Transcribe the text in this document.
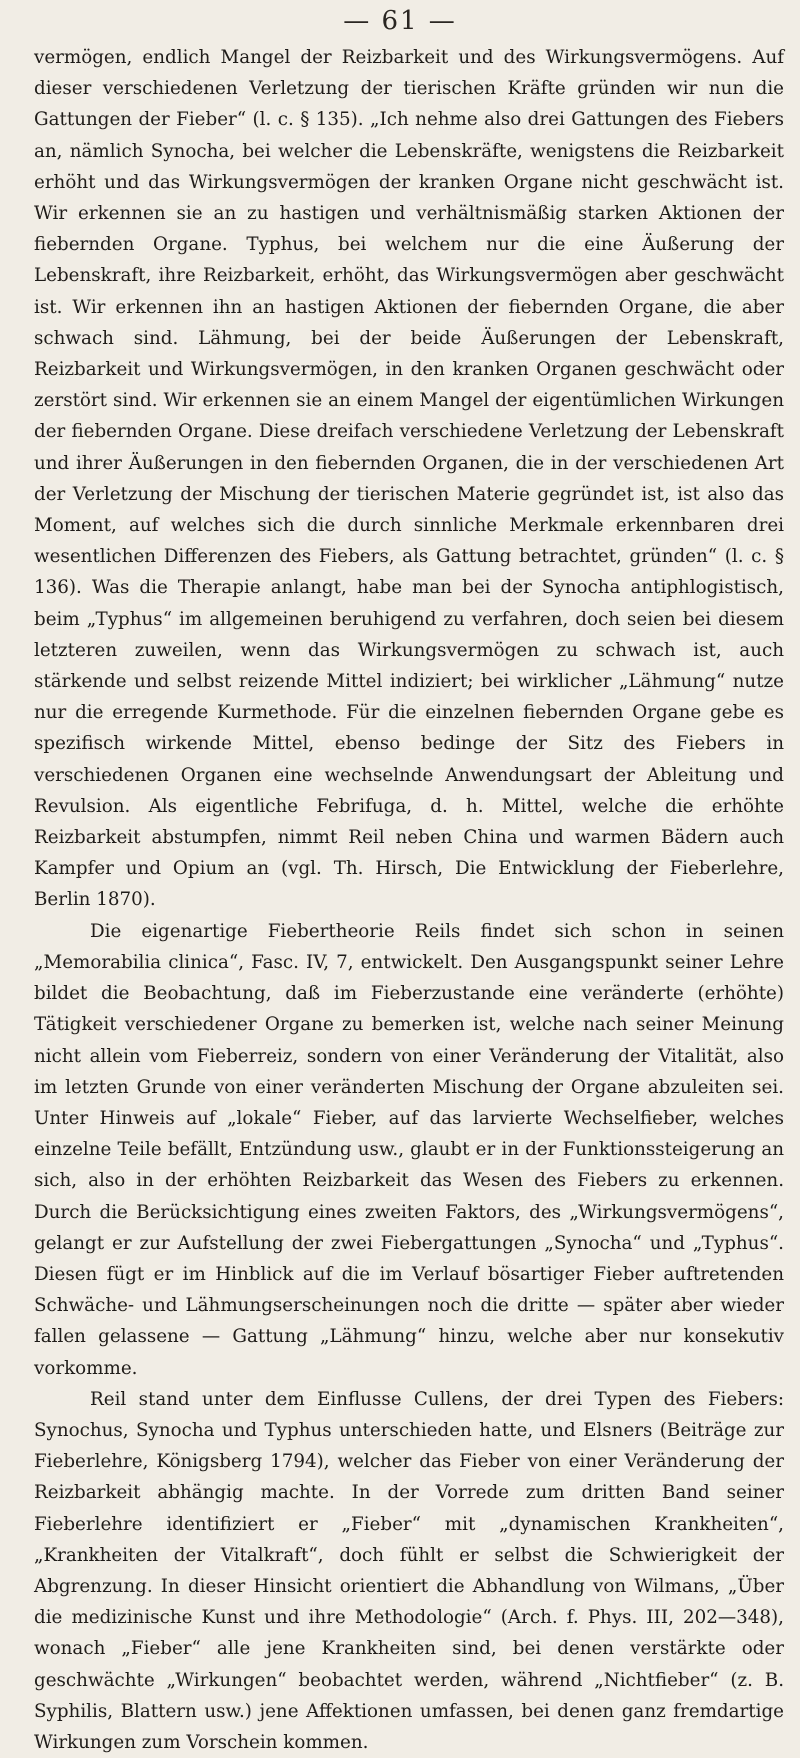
— 61 —

vermögen, endlich Mangel der Reizbarkeit und des Wirkungsvermögens. Auf dieser verschiedenen Verletzung der tierischen Kräfte gründen wir nun die Gattungen der Fieber“ (l. c. § 135). „Ich nehme also drei Gattungen des Fiebers an, nämlich Synocha, bei welcher die Lebenskräfte, wenigstens die Reizbarkeit erhöht und das Wirkungsvermögen der kranken Organe nicht geschwächt ist. Wir erkennen sie an zu hastigen und verhältnismäßig starken Aktionen der fiebernden Organe. Typhus, bei welchem nur die eine Äußerung der Lebenskraft, ihre Reizbarkeit, erhöht, das Wirkungsvermögen aber geschwächt ist. Wir erkennen ihn an hastigen Aktionen der fiebernden Organe, die aber schwach sind. Lähmung, bei der beide Äußerungen der Lebenskraft, Reizbarkeit und Wirkungsvermögen, in den kranken Organen geschwächt oder zerstört sind. Wir erkennen sie an einem Mangel der eigentümlichen Wirkungen der fiebernden Organe. Diese dreifach verschiedene Verletzung der Lebenskraft und ihrer Äußerungen in den fiebernden Organen, die in der verschiedenen Art der Verletzung der Mischung der tierischen Materie gegründet ist, ist also das Moment, auf welches sich die durch sinnliche Merkmale erkennbaren drei wesentlichen Differenzen des Fiebers, als Gattung betrachtet, gründen“ (l. c. § 136). Was die Therapie anlangt, habe man bei der Synocha antiphlogistisch, beim „Typhus“ im allgemeinen beruhigend zu verfahren, doch seien bei diesem letzteren zuweilen, wenn das Wirkungsvermögen zu schwach ist, auch stärkende und selbst reizende Mittel indiziert; bei wirklicher „Lähmung“ nutze nur die erregende Kurmethode. Für die einzelnen fiebernden Organe gebe es spezifisch wirkende Mittel, ebenso bedinge der Sitz des Fiebers in verschiedenen Organen eine wechselnde Anwendungsart der Ableitung und Revulsion. Als eigentliche Febrifuga, d. h. Mittel, welche die erhöhte Reizbarkeit abstumpfen, nimmt Reil neben China und warmen Bädern auch Kampfer und Opium an (vgl. Th. Hirsch, Die Entwicklung der Fieberlehre, Berlin 1870).

Die eigenartige Fiebertheorie Reils findet sich schon in seinen „Memorabilia clinica“, Fasc. IV, 7, entwickelt. Den Ausgangspunkt seiner Lehre bildet die Beobachtung, daß im Fieberzustande eine veränderte (erhöhte) Tätigkeit verschiedener Organe zu bemerken ist, welche nach seiner Meinung nicht allein vom Fieberreiz, sondern von einer Veränderung der Vitalität, also im letzten Grunde von einer veränderten Mischung der Organe abzuleiten sei. Unter Hinweis auf „lokale“ Fieber, auf das larvierte Wechselfieber, welches einzelne Teile befällt, Entzündung usw., glaubt er in der Funktionssteigerung an sich, also in der erhöhten Reizbarkeit das Wesen des Fiebers zu erkennen. Durch die Berücksichtigung eines zweiten Faktors, des „Wirkungsvermögens“, gelangt er zur Aufstellung der zwei Fiebergattungen „Synocha“ und „Typhus“. Diesen fügt er im Hinblick auf die im Verlauf bösartiger Fieber auftretenden Schwäche- und Lähmungserscheinungen noch die dritte — später aber wieder fallen gelassene — Gattung „Lähmung“ hinzu, welche aber nur konsekutiv vorkomme.

Reil stand unter dem Einflusse Cullens, der drei Typen des Fiebers: Synochus, Synocha und Typhus unterschieden hatte, und Elsners (Beiträge zur Fieberlehre, Königsberg 1794), welcher das Fieber von einer Veränderung der Reizbarkeit abhängig machte. In der Vorrede zum dritten Band seiner Fieberlehre identifiziert er „Fieber“ mit „dynamischen Krankheiten“, „Krankheiten der Vitalkraft“, doch fühlt er selbst die Schwierigkeit der Abgrenzung. In dieser Hinsicht orientiert die Abhandlung von Wilmans, „Über die medizinische Kunst und ihre Methodologie“ (Arch. f. Phys. III, 202—348), wonach „Fieber“ alle jene Krankheiten sind, bei denen verstärkte oder geschwächte „Wirkungen“ beobachtet werden, während „Nichtfieber“ (z. B. Syphilis, Blattern usw.) jene Affektionen umfassen, bei denen ganz fremdartige Wirkungen zum Vorschein kommen.
